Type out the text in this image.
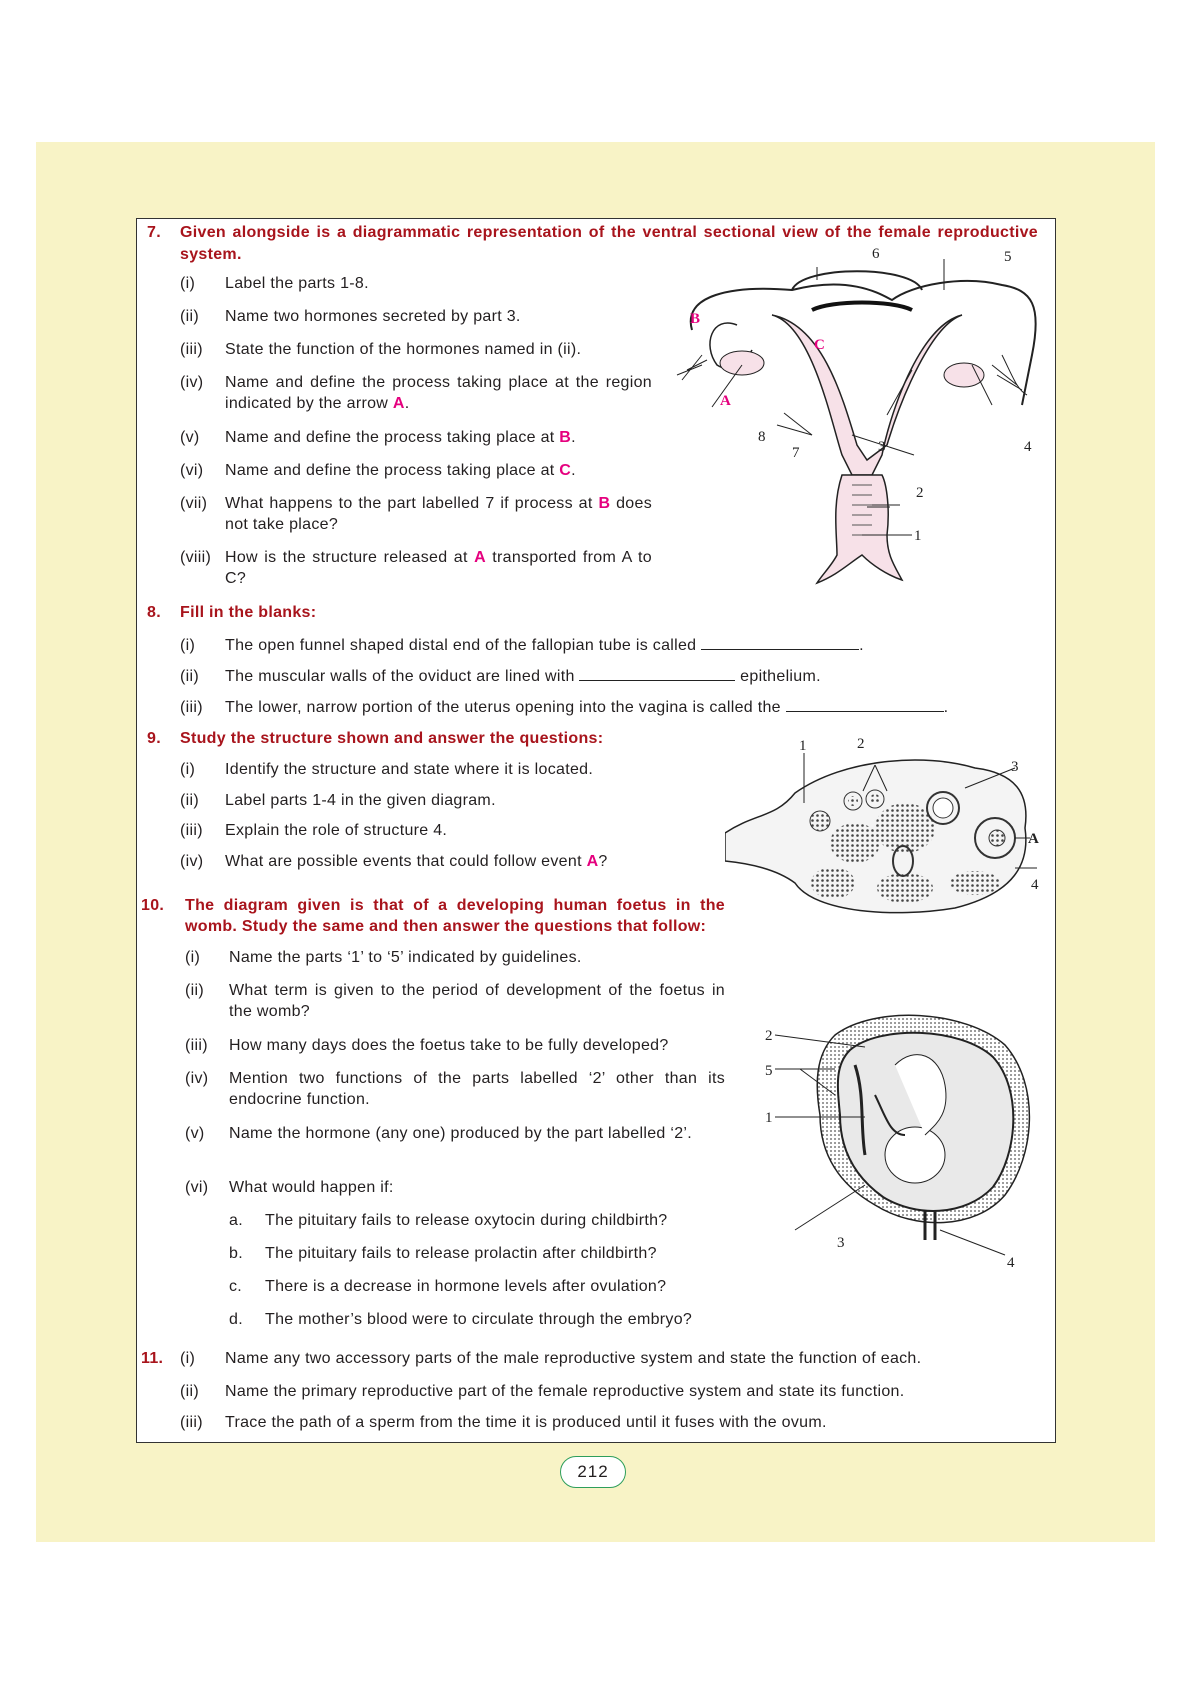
7. Given alongside is a diagrammatic representation of the ventral sectional view of the female reproductive
system.
(i) Label the parts 1-8.
(ii) Name two hormones secreted by part 3.
(iii) State the function of the hormones named in (ii).
(iv) Name and define the process taking place at the region indicated by the arrow A.
(v) Name and define the process taking place at B.
(vi) Name and define the process taking place at C.
(vii) What happens to the part labelled 7 if process at B does not take place?
(viii) How is the structure released at A transported from A to C?
1
2
3	4
5
6
7
8
A
B
C
8. Fill in the blanks:
(i) The open funnel shaped distal end of the fallopian tube is called	.
(ii) The muscular walls of the oviduct are lined with	epithelium.
(iii) The lower, narrow portion of the uterus opening into the vagina is called the	.
9. Study the structure shown and answer the questions:
(i) Identify the structure and state where it is located.
(ii) Label parts 1-4 in the given diagram.
(iii) Explain the role of structure 4.
(iv) What are possible events that could follow event A?
1	2
3
4
A
10. The diagram given is that of a developing human foetus in the womb. Study the same and then answer the questions that follow:
(i) Name the parts ‘1’ to ‘5’ indicated by guidelines.
(ii) What term is given to the period of development of the foetus in the womb?
(iii) How many days does the foetus take to be fully developed?
(iv) Mention two functions of the parts labelled ‘2’ other than its endocrine function.
(v) Name the hormone (any one) produced by the part labelled ‘2’.
(vi) What would happen if:
a. The pituitary fails to release oxytocin during childbirth?
b. The pituitary fails to release prolactin after childbirth?
c. There is a decrease in hormone levels after ovulation?
d. The mother’s blood were to circulate through the embryo?
1
2
3
4
5
11. (i) Name any two accessory parts of the male reproductive system and state the function of each.
(ii) Name the primary reproductive part of the female reproductive system and state its function.
(iii) Trace the path of a sperm from the time it is produced until it fuses with the ovum.
212
